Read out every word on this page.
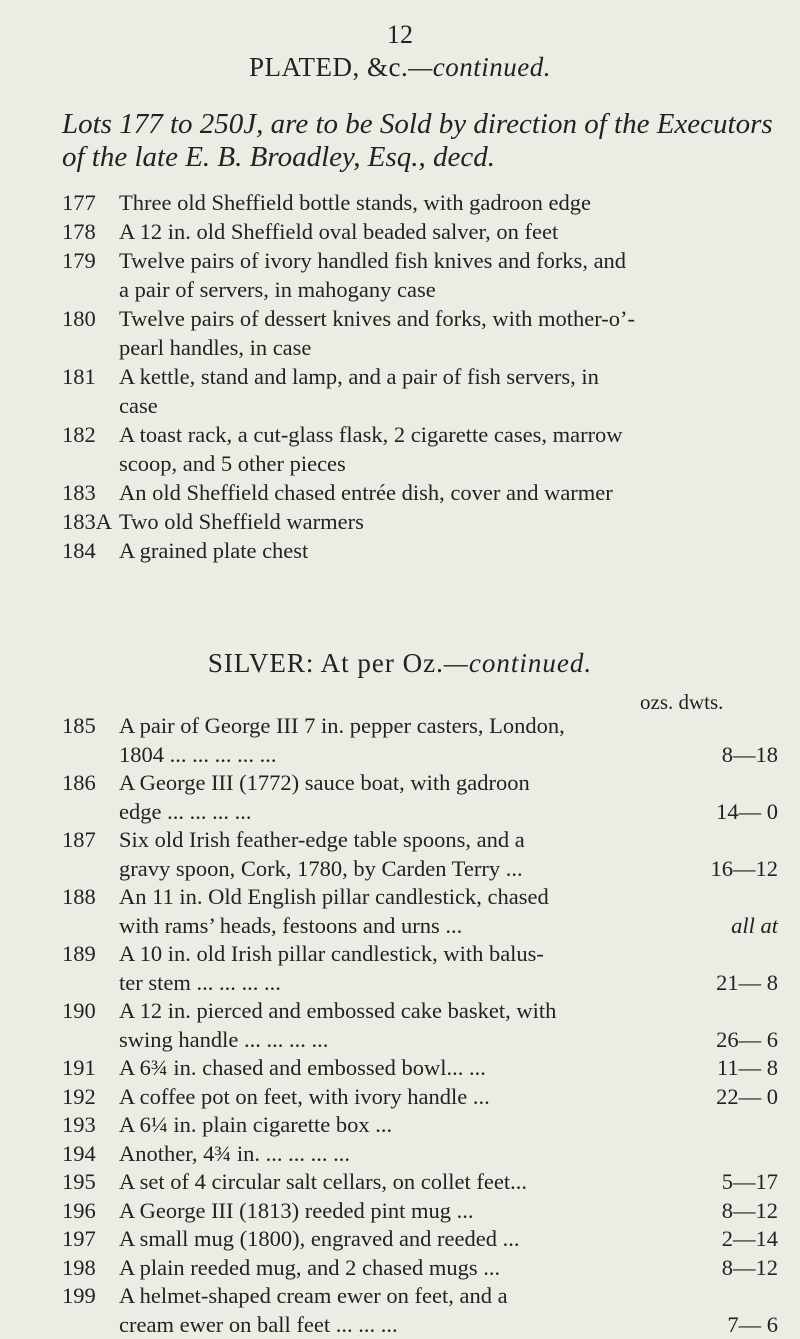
12
PLATED, &c.—continued.
Lots 177 to 250J, are to be Sold by direction of the Executors of the late E. B. Broadley, Esq., decd.
177	Three old Sheffield bottle stands, with gadroon edge
178	A 12 in. old Sheffield oval beaded salver, on feet
179	Twelve pairs of ivory handled fish knives and forks, and
a pair of servers, in mahogany case
180	Twelve pairs of dessert knives and forks, with mother-o’-
pearl handles, in case
181	A kettle, stand and lamp, and a pair of fish servers, in
case
182	A toast rack, a cut-glass flask, 2 cigarette cases, marrow
scoop, and 5 other pieces
183	An old Sheffield chased entrée dish, cover and warmer
183A Two old Sheffield warmers
184	A grained plate chest
SILVER: At per Oz.—continued.
ozs. dwts.
185	A pair of George III 7 in. pepper casters, London,
1804 ... ... ... ... ...	8—18
186	A George III (1772) sauce boat, with gadroon
edge ... ... ... ...	14— 0
187	Six old Irish feather-edge table spoons, and a
gravy spoon, Cork, 1780, by Carden Terry ...	16—12
188	An 11 in. Old English pillar candlestick, chased
with rams’ heads, festoons and urns ...	all at
189	A 10 in. old Irish pillar candlestick, with balus-
ter stem ... ... ... ...	21— 8
190	A 12 in. pierced and embossed cake basket, with
swing handle ... ... ... ...	26— 6
191	A 6¾ in. chased and embossed bowl... ...	11— 8
192	A coffee pot on feet, with ivory handle ...	22— 0
193	A 6¼ in. plain cigarette box ...
194	Another, 4¾ in. ... ... ... ...
195	A set of 4 circular salt cellars, on collet feet...	5—17
196	A George III (1813) reeded pint mug ...	8—12
197	A small mug (1800), engraved and reeded ...	2—14
198	A plain reeded mug, and 2 chased mugs ...	8—12
199	A helmet-shaped cream ewer on feet, and a
cream ewer on ball feet ... ... ...	7— 6
